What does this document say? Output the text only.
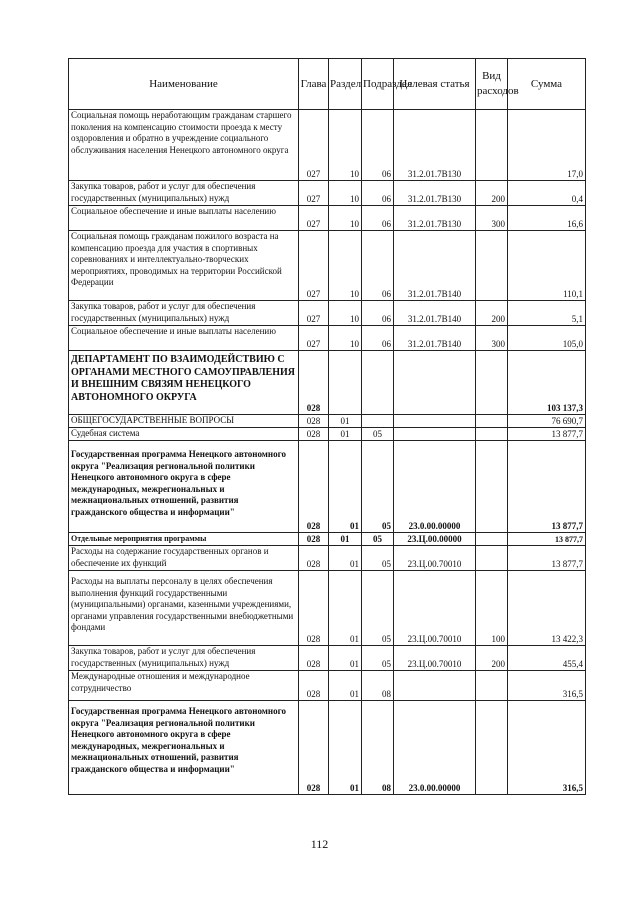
Наименование	Глава	Раздел	Подраздел	Целевая статья	Вид расходов	Сумма
Социальная помощь неработающим гражданам старшего поколения на компенсацию стоимости проезда к месту оздоровления и обратно в учреждение социального обслуживания населения Ненецкого автономного округа	027	10	06	31.2.01.7В130		17,0
Закупка товаров, работ и услуг для обеспечения государственных (муниципальных) нужд	027	10	06	31.2.01.7В130	200	0,4
Социальное обеспечение и иные выплаты населению	027	10	06	31.2.01.7В130	300	16,6
Социальная помощь гражданам пожилого возраста на компенсацию проезда для участия в спортивных соревнованиях и интеллектуально-творческих мероприятиях, проводимых на территории Российской Федерации	027	10	06	31.2.01.7В140		110,1
Закупка товаров, работ и услуг для обеспечения государственных (муниципальных) нужд	027	10	06	31.2.01.7В140	200	5,1
Социальное обеспечение и иные выплаты населению	027	10	06	31.2.01.7В140	300	105,0
ДЕПАРТАМЕНТ ПО ВЗАИМОДЕЙСТВИЮ С ОРГАНАМИ МЕСТНОГО САМОУПРАВЛЕНИЯ И ВНЕШНИМ СВЯЗЯМ НЕНЕЦКОГО АВТОНОМНОГО ОКРУГА	028					103 137,3
ОБЩЕГОСУДАРСТВЕННЫЕ ВОПРОСЫ	028	01				76 690,7
Судебная система	028	01	05			13 877,7
Государственная программа Ненецкого автономного округа "Реализация региональной политики Ненецкого автономного округа в сфере международных, межрегиональных и межнациональных отношений, развития гражданского общества и информации"	028	01	05	23.0.00.00000		13 877,7
Отдельные мероприятия программы	028	01	05	23.Ц.00.00000		13 877,7
Расходы на содержание государственных органов и обеспечение их функций	028	01	05	23.Ц.00.70010		13 877,7
Расходы на выплаты персоналу в целях обеспечения выполнения функций государственными (муниципальными) органами, казенными учреждениями, органами управления государственными внебюджетными фондами	028	01	05	23.Ц.00.70010	100	13 422,3
Закупка товаров, работ и услуг для обеспечения государственных (муниципальных) нужд	028	01	05	23.Ц.00.70010	200	455,4
Международные отношения и международное сотрудничество	028	01	08			316,5
Государственная программа Ненецкого автономного округа "Реализация региональной политики Ненецкого автономного округа в сфере международных, межрегиональных и межнациональных отношений, развития гражданского общества и информации"	028	01	08	23.0.00.00000		316,5
112
